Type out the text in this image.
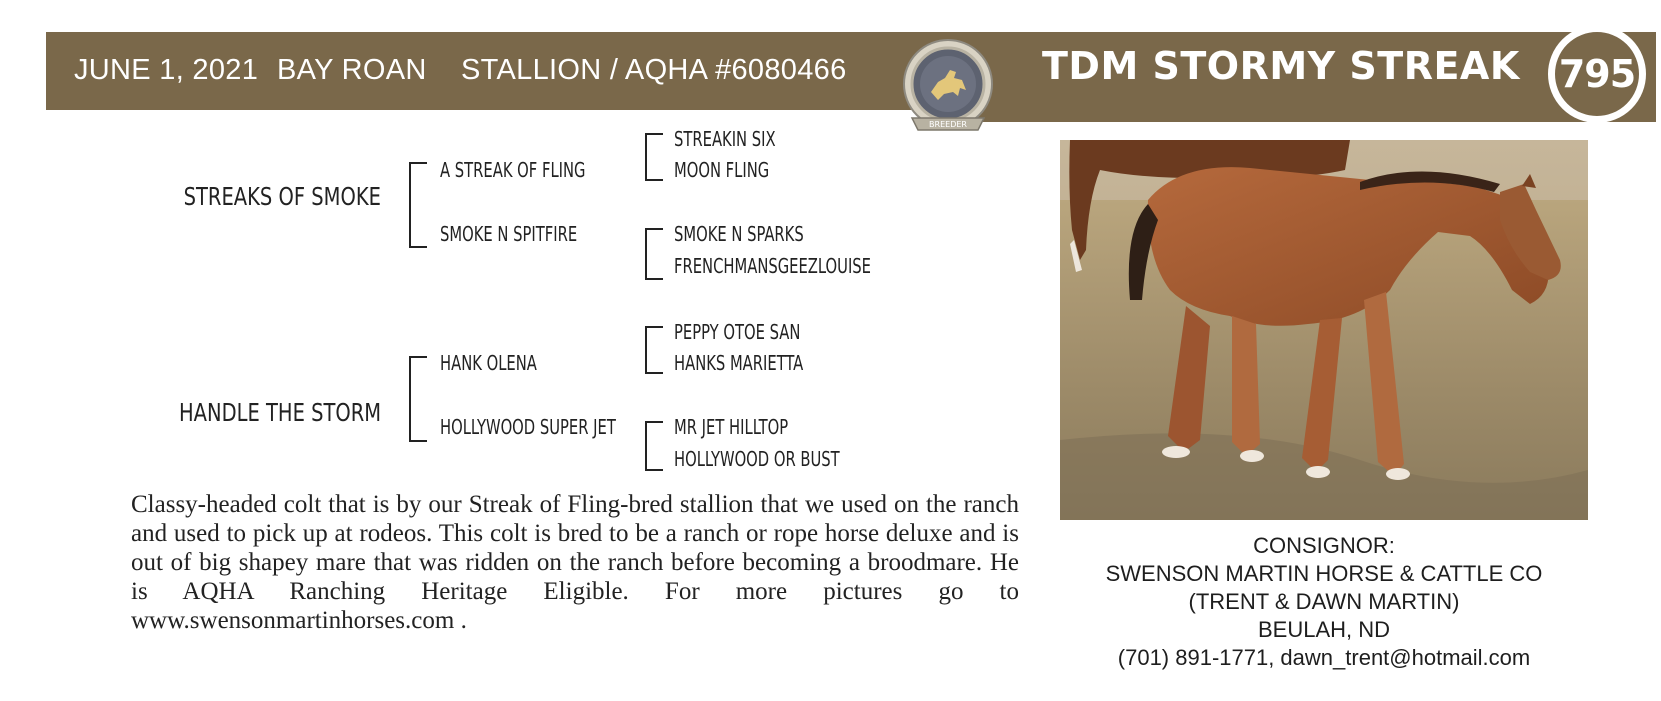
JUNE 1, 2021 BAY ROAN STALLION / AQHA #6080466
BREEDER
TDM STORMY STREAK 795
STREAKS OF SMOKE
A STREAK OF FLING
SMOKE N SPITFIRE
STREAKIN SIX
MOON FLING
SMOKE N SPARKS
FRENCHMANSGEEZLOUISE
HANDLE THE STORM
HANK OLENA
HOLLYWOOD SUPER JET
PEPPY OTOE SAN
HANKS MARIETTA
MR JET HILLTOP
HOLLYWOOD OR BUST
Classy-headed colt that is by our Streak of Fling-bred stallion that we used on the ranch and used to pick up at rodeos. This colt is bred to be a ranch or rope horse deluxe and is out of big shapey mare that was ridden on the ranch before becoming a broodmare. He is AQHA Ranching Heritage Eligible. For more pictures go to www.swensonmartinhorses.com .
CONSIGNOR:
SWENSON MARTIN HORSE & CATTLE CO
(TRENT & DAWN MARTIN)
BEULAH, ND
(701) 891-1771, dawn_trent@hotmail.com
